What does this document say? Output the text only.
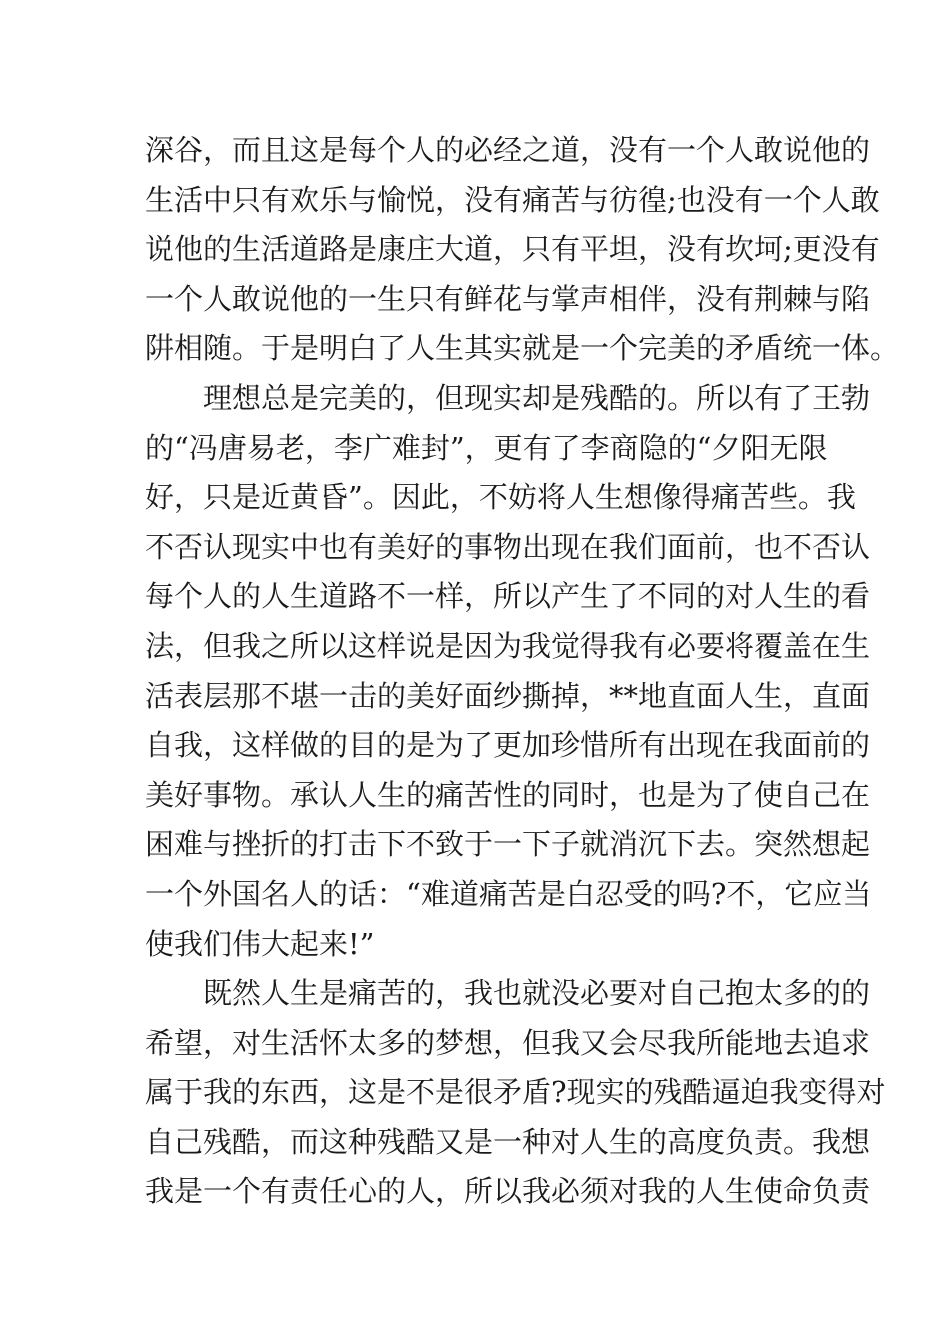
深谷，而且这是每个人的必经之道，没有一个人敢说他的
生活中只有欢乐与愉悦，没有痛苦与彷徨;也没有一个人敢
说他的生活道路是康庄大道，只有平坦，没有坎坷;更没有
一个人敢说他的一生只有鲜花与掌声相伴，没有荆棘与陷
阱相随。于是明白了人生其实就是一个完美的矛盾统一体。
理想总是完美的，但现实却是残酷的。所以有了王勃
的“冯唐易老，李广难封”，更有了李商隐的“夕阳无限
好，只是近黄昏”。因此，不妨将人生想像得痛苦些。我
不否认现实中也有美好的事物出现在我们面前，也不否认
每个人的人生道路不一样，所以产生了不同的对人生的看
法，但我之所以这样说是因为我觉得我有必要将覆盖在生
活表层那不堪一击的美好面纱撕掉，**地直面人生，直面
自我，这样做的目的是为了更加珍惜所有出现在我面前的
美好事物。承认人生的痛苦性的同时，也是为了使自己在
困难与挫折的打击下不致于一下子就消沉下去。突然想起
一个外国名人的话：“难道痛苦是白忍受的吗?不，它应当
使我们伟大起来!”
既然人生是痛苦的，我也就没必要对自己抱太多的的
希望，对生活怀太多的梦想，但我又会尽我所能地去追求
属于我的东西，这是不是很矛盾?现实的残酷逼迫我变得对
自己残酷，而这种残酷又是一种对人生的高度负责。我想
我是一个有责任心的人，所以我必须对我的人生使命负责
